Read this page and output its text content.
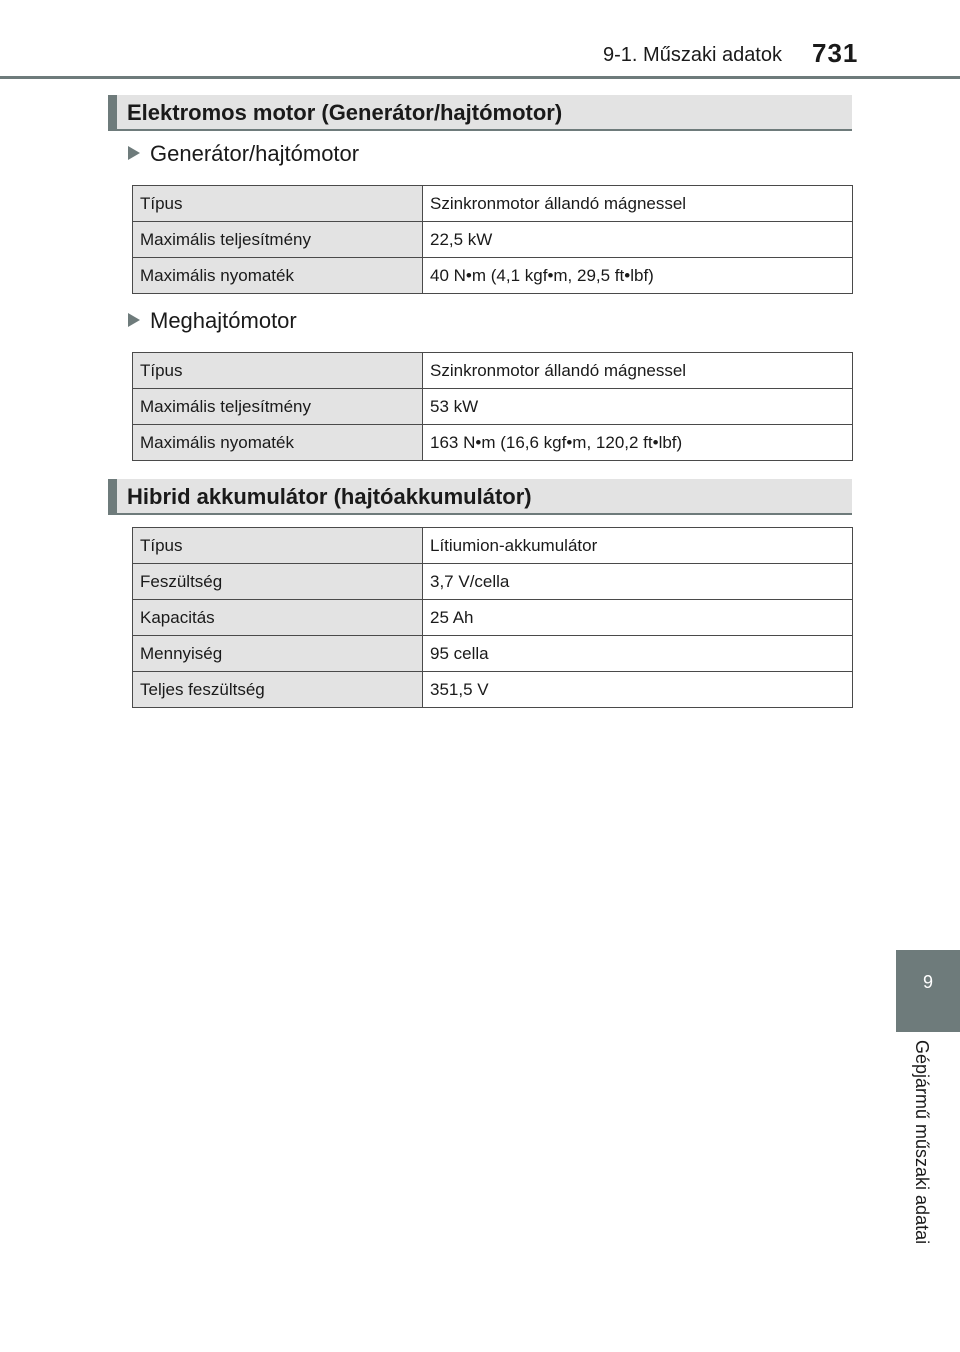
9-1. Műszaki adatok 731
9
Gépjármű műszaki adatai
Elektromos motor (Generátor/hajtómotor)
Generátor/hajtómotor
Típus	Szinkronmotor állandó mágnessel
Maximális teljesítmény	22,5 kW
Maximális nyomaték	40 N•m (4,1 kgf•m, 29,5 ft•lbf)
Meghajtómotor
Típus	Szinkronmotor állandó mágnessel
Maximális teljesítmény	53 kW
Maximális nyomaték	163 N•m (16,6 kgf•m, 120,2 ft•lbf)
Hibrid akkumulátor (hajtóakkumulátor)
Típus	Lítiumion-akkumulátor
Feszültség	3,7 V/cella
Kapacitás	25 Ah
Mennyiség	95 cella
Teljes feszültség	351,5 V
